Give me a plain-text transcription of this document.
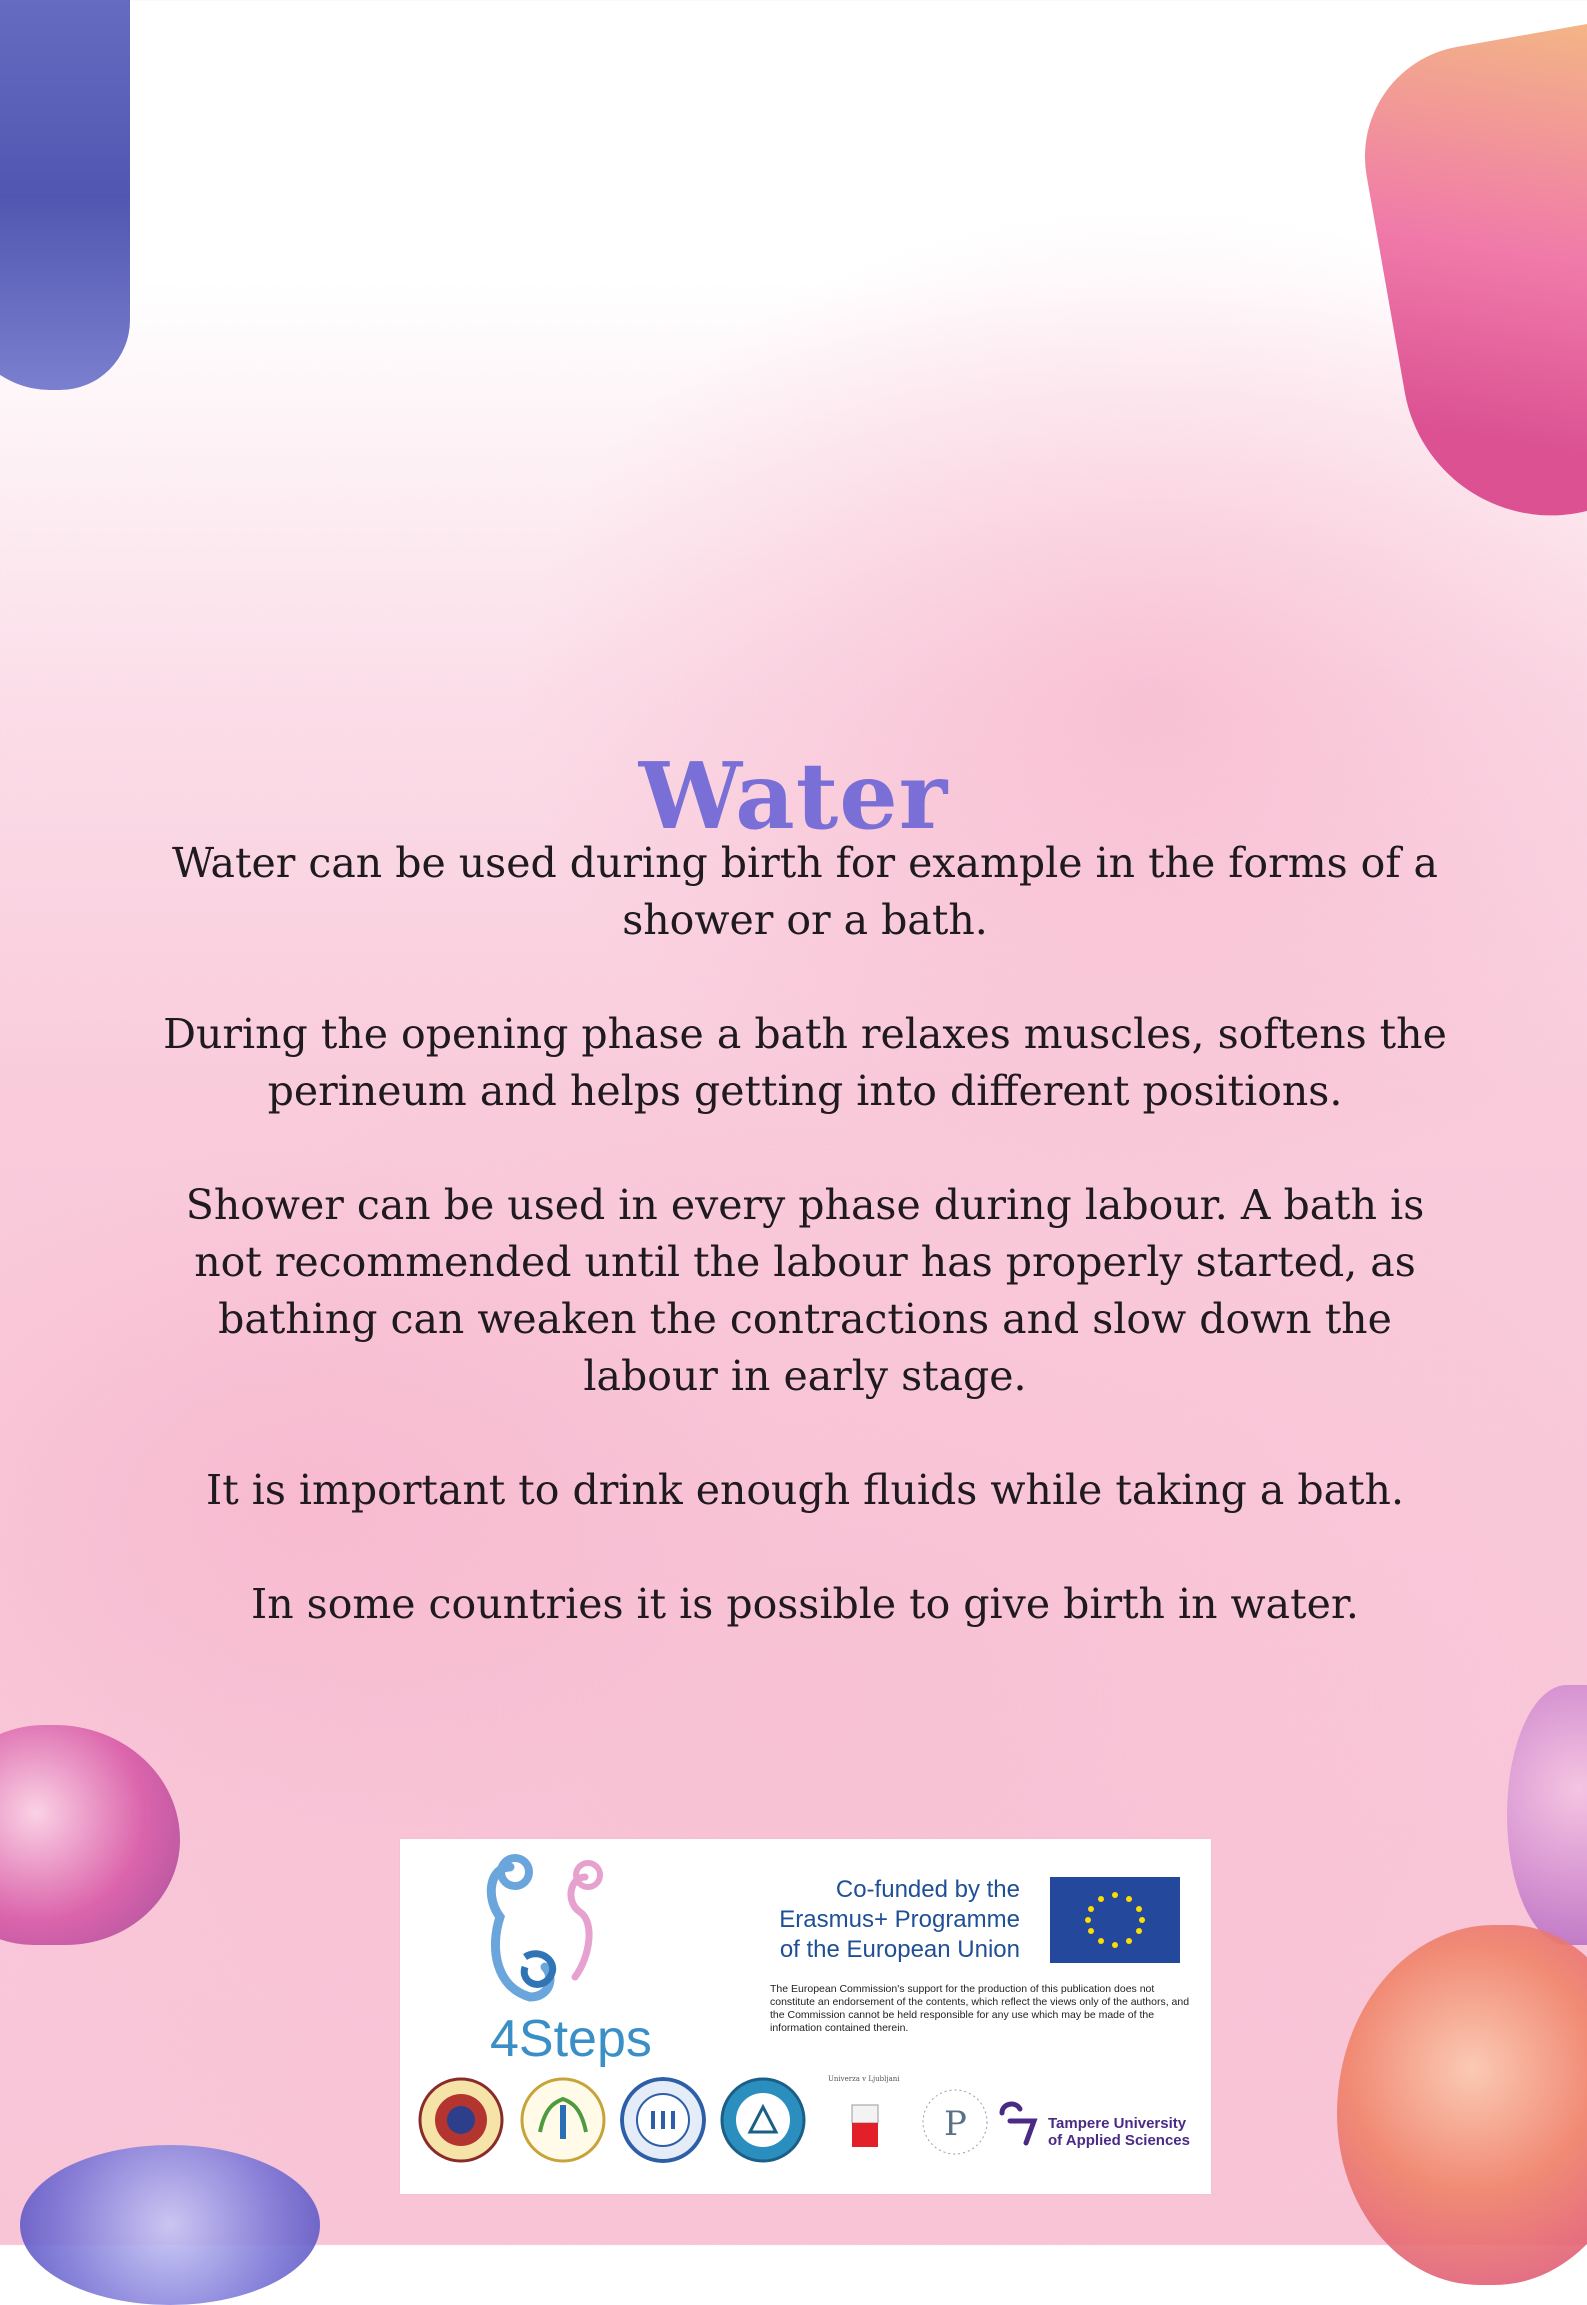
Water

Water can be used during birth for example in the forms of a shower or a bath.

During the opening phase a bath relaxes muscles, softens the perineum and helps getting into different positions.

Shower can be used in every phase during labour. A bath is not recommended until the labour has properly started, as bathing can weaken the contractions and slow down the labour in early stage.

It is important to drink enough fluids while taking a bath.

In some countries it is possible to give birth in water.

4Steps
Co-funded by the
Erasmus+ Programme
of the European Union
The European Commission's support for the production of this publication does not constitute an endorsement of the contents, which reflect the views only of the authors, and the Commission cannot be held responsible for any use which may be made of the information contained therein.
Univerza v Ljubljani
P	Tampere University
of Applied Sciences
